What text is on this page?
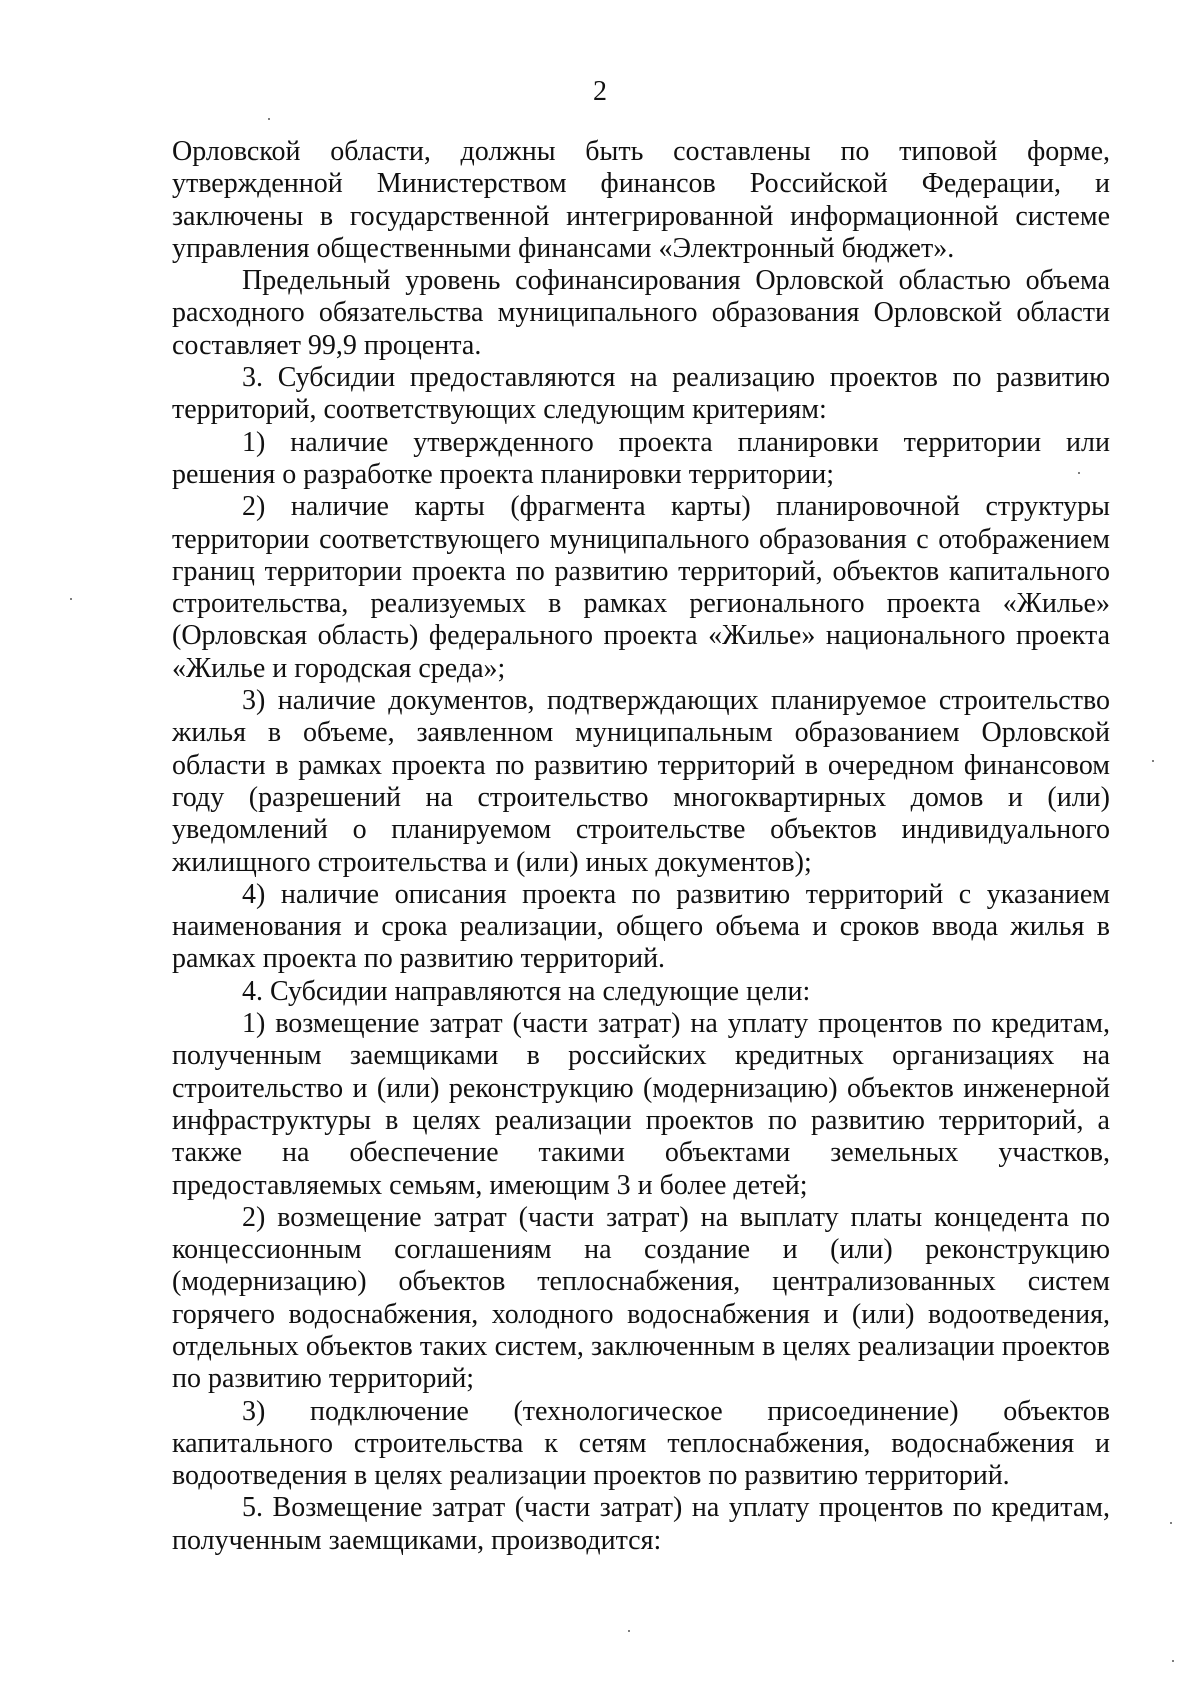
2

Орловской области, должны быть составлены по типовой форме, утвержденной Министерством финансов Российской Федерации, и заключены в государственной интегрированной информационной системе управления общественными финансами «Электронный бюджет».

Предельный уровень софинансирования Орловской областью объема расходного обязательства муниципального образования Орловской области составляет 99,9 процента.

3. Субсидии предоставляются на реализацию проектов по развитию территорий, соответствующих следующим критериям:

1) наличие утвержденного проекта планировки территории или решения о разработке проекта планировки территории;

2) наличие карты (фрагмента карты) планировочной структуры территории соответствующего муниципального образования с отображением границ территории проекта по развитию территорий, объектов капитального строительства, реализуемых в рамках регионального проекта «Жилье» (Орловская область) федерального проекта «Жилье» национального проекта «Жилье и городская среда»;

3) наличие документов, подтверждающих планируемое строительство жилья в объеме, заявленном муниципальным образованием Орловской области в рамках проекта по развитию территорий в очередном финансовом году (разрешений на строительство многоквартирных домов и (или) уведомлений о планируемом строительстве объектов индивидуального жилищного строительства и (или) иных документов);

4) наличие описания проекта по развитию территорий с указанием наименования и срока реализации, общего объема и сроков ввода жилья в рамках проекта по развитию территорий.

4. Субсидии направляются на следующие цели:

1) возмещение затрат (части затрат) на уплату процентов по кредитам, полученным заемщиками в российских кредитных организациях на строительство и (или) реконструкцию (модернизацию) объектов инженерной инфраструктуры в целях реализации проектов по развитию территорий, а также на обеспечение такими объектами земельных участков, предоставляемых семьям, имеющим 3 и более детей;

2) возмещение затрат (части затрат) на выплату платы концедента по концессионным соглашениям на создание и (или) реконструкцию (модернизацию) объектов теплоснабжения, централизованных систем горячего водоснабжения, холодного водоснабжения и (или) водоотведения, отдельных объектов таких систем, заключенным в целях реализации проектов по развитию территорий;

3) подключение (технологическое присоединение) объектов капитального строительства к сетям теплоснабжения, водоснабжения и водоотведения в целях реализации проектов по развитию территорий.

5. Возмещение затрат (части затрат) на уплату процентов по кредитам, полученным заемщиками, производится:
